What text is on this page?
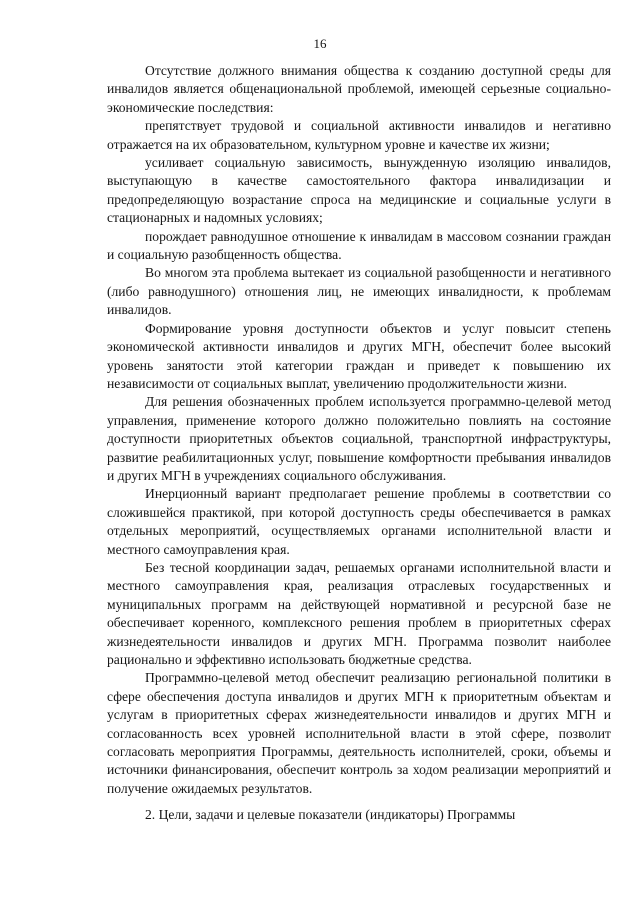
16

Отсутствие должного внимания общества к созданию доступной среды для инвалидов является общенациональной проблемой, имеющей серьезные социально-экономические последствия:

препятствует трудовой и социальной активности инвалидов и негативно отражается на их образовательном, культурном уровне и качестве их жизни;

усиливает социальную зависимость, вынужденную изоляцию инвалидов, выступающую в качестве самостоятельного фактора инвалидизации и предопределяющую возрастание спроса на медицинские и социальные услуги в стационарных и надомных условиях;

порождает равнодушное отношение к инвалидам в массовом сознании граждан и социальную разобщенность общества.

Во многом эта проблема вытекает из социальной разобщенности и негативного (либо равнодушного) отношения лиц, не имеющих инвалидности, к проблемам инвалидов.

Формирование уровня доступности объектов и услуг повысит степень экономической активности инвалидов и других МГН, обеспечит более высокий уровень занятости этой категории граждан и приведет к повышению их независимости от социальных выплат, увеличению продолжительности жизни.

Для решения обозначенных проблем используется программно-целевой метод управления, применение которого должно положительно повлиять на состояние доступности приоритетных объектов социальной, транспортной инфраструктуры, развитие реабилитационных услуг, повышение комфортности пребывания инвалидов и других МГН в учреждениях социального обслуживания.

Инерционный вариант предполагает решение проблемы в соответствии со сложившейся практикой, при которой доступность среды обеспечивается в рамках отдельных мероприятий, осуществляемых органами исполнительной власти и местного самоуправления края.

Без тесной координации задач, решаемых органами исполнительной власти и местного самоуправления края, реализация отраслевых государственных и муниципальных программ на действующей нормативной и ресурсной базе не обеспечивает коренного, комплексного решения проблем в приоритетных сферах жизнедеятельности инвалидов и других МГН. Программа позволит наиболее рационально и эффективно использовать бюджетные средства.

Программно-целевой метод обеспечит реализацию региональной политики в сфере обеспечения доступа инвалидов и других МГН к приоритетным объектам и услугам в приоритетных сферах жизнедеятельности инвалидов и других МГН и согласованность всех уровней исполнительной власти в этой сфере, позволит согласовать мероприятия Программы, деятельность исполнителей, сроки, объемы и источники финансирования, обеспечит контроль за ходом реализации мероприятий и получение ожидаемых результатов.

2. Цели, задачи и целевые показатели (индикаторы) Программы
